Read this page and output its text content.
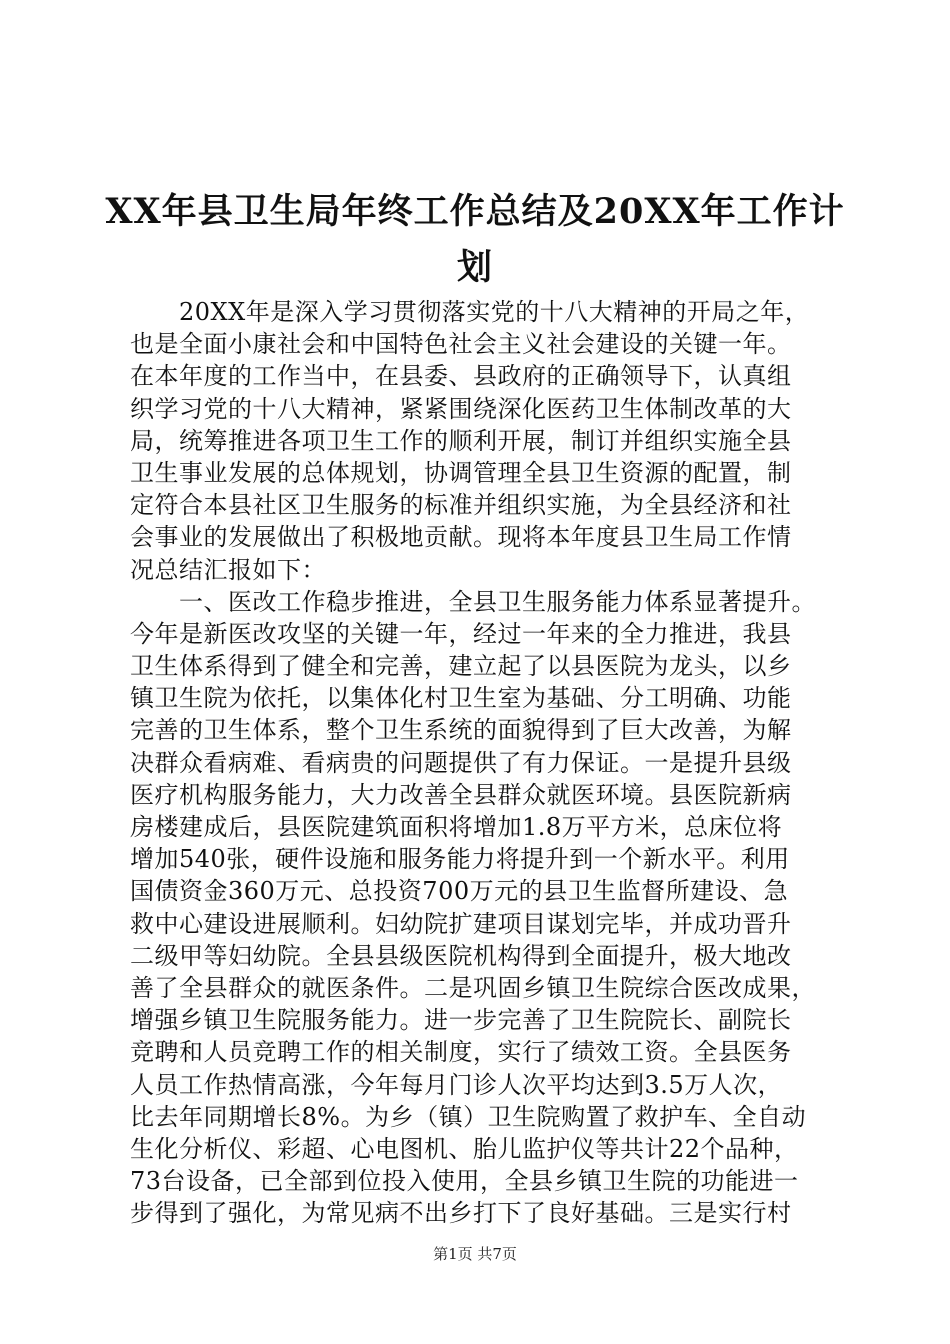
XX年县卫生局年终工作总结及20XX年工作计
划
　　20XX年是深入学习贯彻落实党的十八大精神的开局之年，
也是全面小康社会和中国特色社会主义社会建设的关键一年。
在本年度的工作当中，在县委、县政府的正确领导下，认真组
织学习党的十八大精神，紧紧围绕深化医药卫生体制改革的大
局，统筹推进各项卫生工作的顺利开展，制订并组织实施全县
卫生事业发展的总体规划，协调管理全县卫生资源的配置，制
定符合本县社区卫生服务的标准并组织实施，为全县经济和社
会事业的发展做出了积极地贡献。现将本年度县卫生局工作情
况总结汇报如下：
　　一、医改工作稳步推进，全县卫生服务能力体系显著提升。
今年是新医改攻坚的关键一年，经过一年来的全力推进，我县
卫生体系得到了健全和完善，建立起了以县医院为龙头，以乡
镇卫生院为依托，以集体化村卫生室为基础、分工明确、功能
完善的卫生体系，整个卫生系统的面貌得到了巨大改善，为解
决群众看病难、看病贵的问题提供了有力保证。一是提升县级
医疗机构服务能力，大力改善全县群众就医环境。县医院新病
房楼建成后，县医院建筑面积将增加1.8万平方米，总床位将
增加540张，硬件设施和服务能力将提升到一个新水平。利用
国债资金360万元、总投资700万元的县卫生监督所建设、急
救中心建设进展顺利。妇幼院扩建项目谋划完毕，并成功晋升
二级甲等妇幼院。全县县级医院机构得到全面提升，极大地改
善了全县群众的就医条件。二是巩固乡镇卫生院综合医改成果，
增强乡镇卫生院服务能力。进一步完善了卫生院院长、副院长
竞聘和人员竞聘工作的相关制度，实行了绩效工资。全县医务
人员工作热情高涨，今年每月门诊人次平均达到3.5万人次，
比去年同期增长8%。为乡（镇）卫生院购置了救护车、全自动
生化分析仪、彩超、心电图机、胎儿监护仪等共计22个品种，
73台设备，已全部到位投入使用，全县乡镇卫生院的功能进一
步得到了强化，为常见病不出乡打下了良好基础。三是实行村
第1页 共7页
